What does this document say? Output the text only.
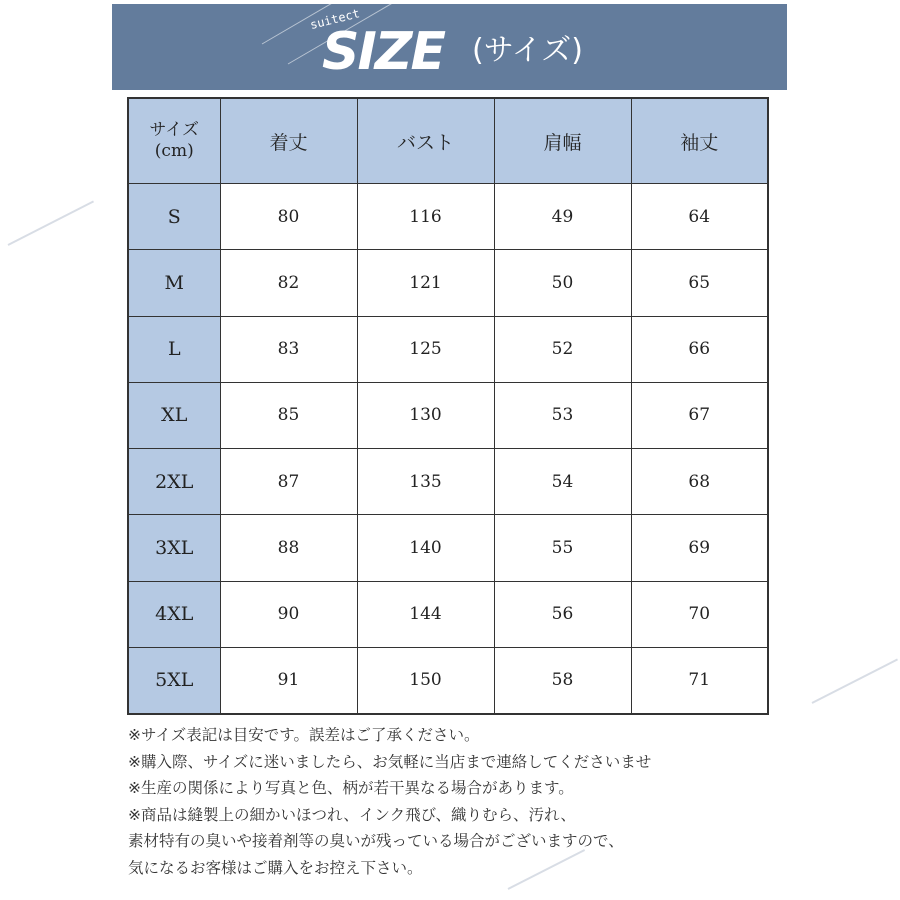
suitect
SIZE (サイズ)
サイズ
(cm)	着丈	バスト	肩幅	袖丈
S	80	116	49	64
M	82	121	50	65
L	83	125	52	66
XL	85	130	53	67
2XL	87	135	54	68
3XL	88	140	55	69
4XL	90	144	56	70
5XL	91	150	58	71
※サイズ表記は目安です。誤差はご了承ください。
※購入際、サイズに迷いましたら、お気軽に当店まで連絡してくださいませ
※生産の関係により写真と色、柄が若干異なる場合があります。
※商品は縫製上の細かいほつれ、インク飛び、織りむら、汚れ、
素材特有の臭いや接着剤等の臭いが残っている場合がございますので、
気になるお客様はご購入をお控え下さい。
